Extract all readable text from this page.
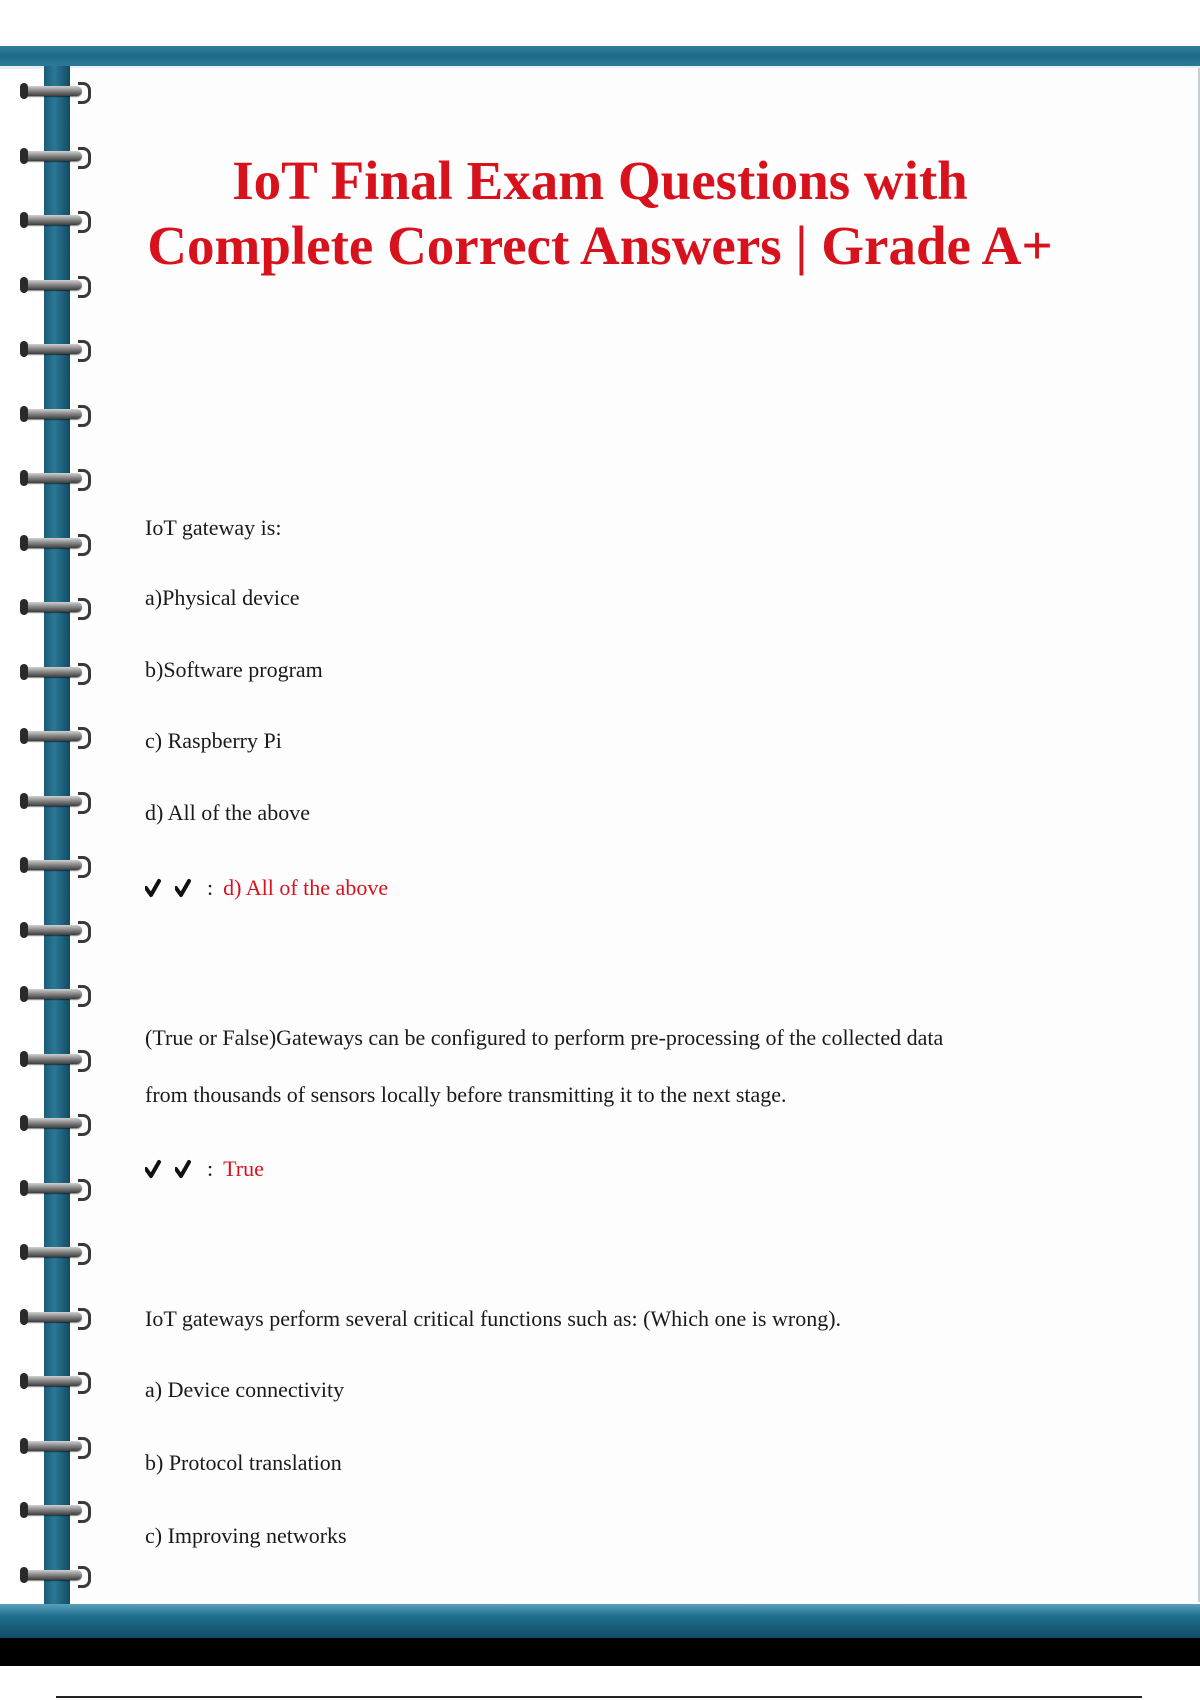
IoT Final Exam Questions with Complete Correct Answers | Grade A+
IoT gateway is:
a)Physical device
b)Software program
c) Raspberry Pi
d) All of the above
: d) All of the above
(True or False)Gateways can be configured to perform pre-processing of the collected data
from thousands of sensors locally before transmitting it to the next stage.
: True
IoT gateways perform several critical functions such as: (Which one is wrong).
a) Device connectivity
b) Protocol translation
c) Improving networks
